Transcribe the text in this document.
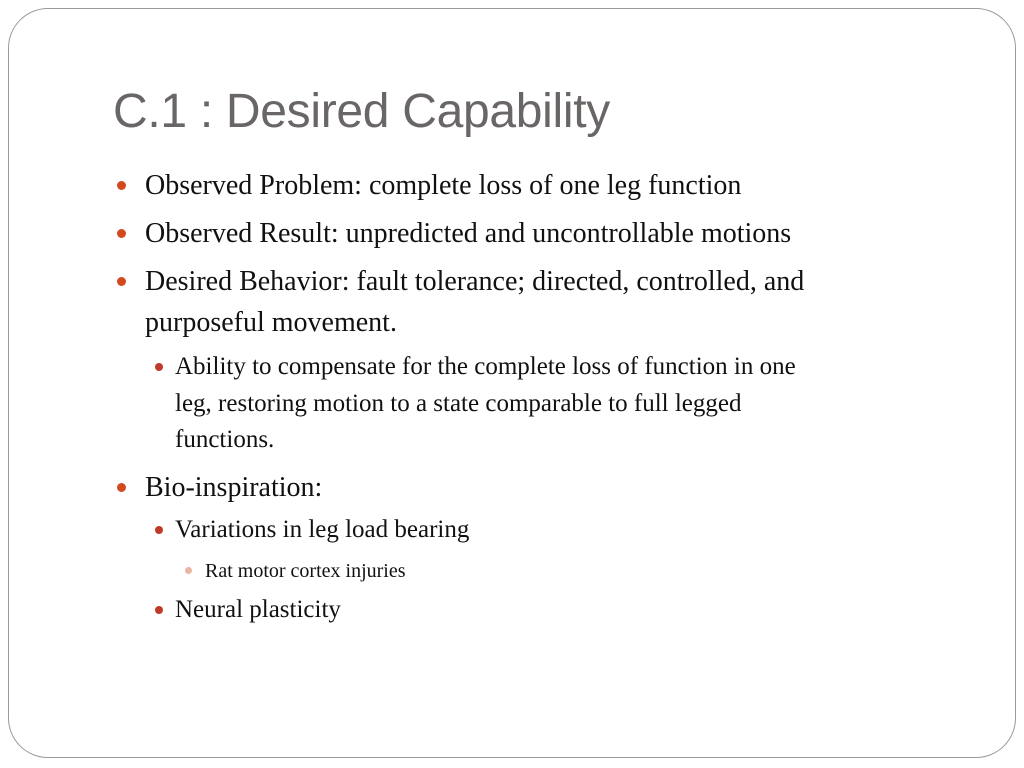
C.1 : Desired Capability
Observed Problem: complete loss of one leg function
Observed Result: unpredicted and uncontrollable motions
Desired Behavior: fault tolerance; directed, controlled, and
purposeful movement.
Ability to compensate for the complete loss of function in one
leg, restoring motion to a state comparable to full legged
functions.
Bio-inspiration:
Variations in leg load bearing
Rat motor cortex injuries
Neural plasticity
